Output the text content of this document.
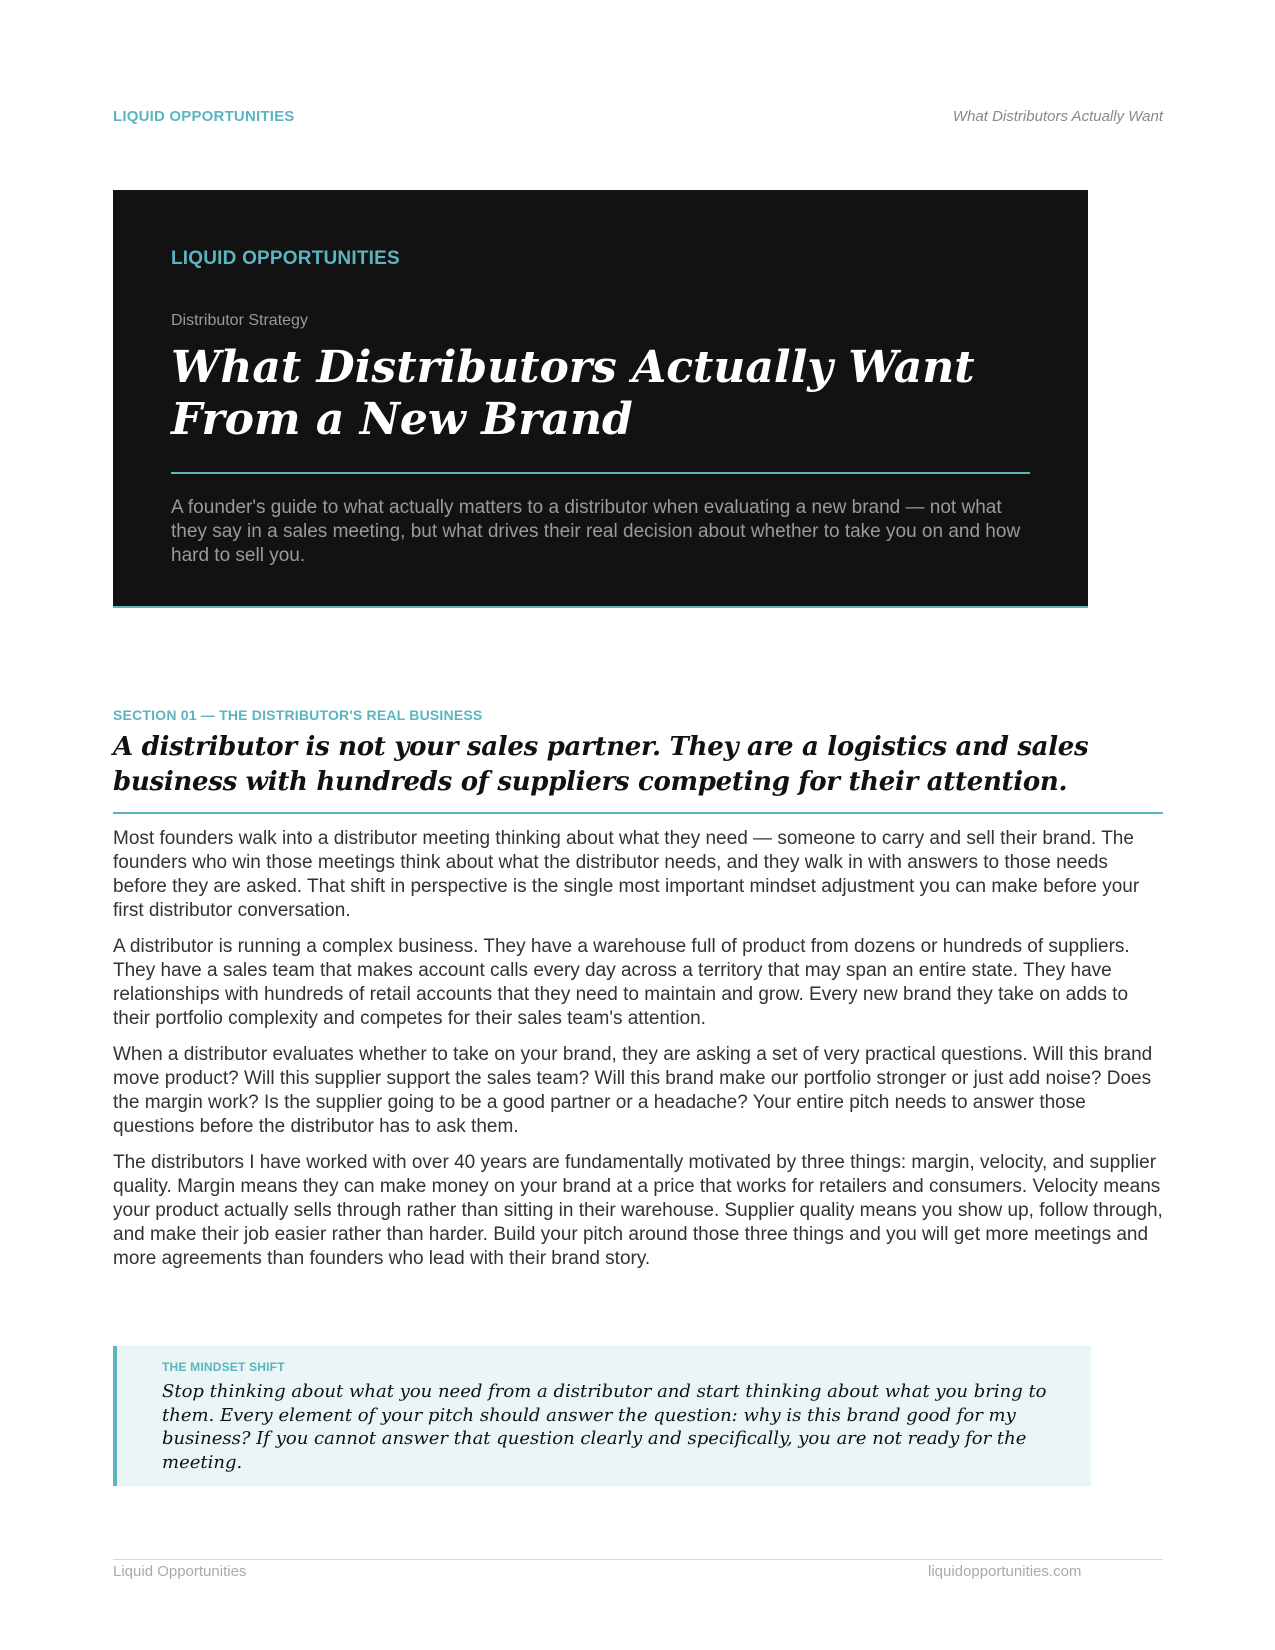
LIQUID OPPORTUNITIES	What Distributors Actually Want
LIQUID OPPORTUNITIES
Distributor Strategy
What Distributors Actually Want
From a New Brand
A founder's guide to what actually matters to a distributor when evaluating a new brand — not what they say in a sales meeting, but what drives their real decision about whether to take you on and how hard to sell you.
SECTION 01 — THE DISTRIBUTOR'S REAL BUSINESS
A distributor is not your sales partner. They are a logistics and sales business with hundreds of suppliers competing for their attention.

Most founders walk into a distributor meeting thinking about what they need — someone to carry and sell their brand. The founders who win those meetings think about what the distributor needs, and they walk in with answers to those needs before they are asked. That shift in perspective is the single most important mindset adjustment you can make before your first distributor conversation.

A distributor is running a complex business. They have a warehouse full of product from dozens or hundreds of suppliers. They have a sales team that makes account calls every day across a territory that may span an entire state. They have relationships with hundreds of retail accounts that they need to maintain and grow. Every new brand they take on adds to their portfolio complexity and competes for their sales team's attention.

When a distributor evaluates whether to take on your brand, they are asking a set of very practical questions. Will this brand move product? Will this supplier support the sales team? Will this brand make our portfolio stronger or just add noise? Does the margin work? Is the supplier going to be a good partner or a headache? Your entire pitch needs to answer those questions before the distributor has to ask them.

The distributors I have worked with over 40 years are fundamentally motivated by three things: margin, velocity, and supplier quality. Margin means they can make money on your brand at a price that works for retailers and consumers. Velocity means your product actually sells through rather than sitting in their warehouse. Supplier quality means you show up, follow through, and make their job easier rather than harder. Build your pitch around those three things and you will get more meetings and more agreements than founders who lead with their brand story.

THE MINDSET SHIFT

Stop thinking about what you need from a distributor and start thinking about what you bring to them. Every element of your pitch should answer the question: why is this brand good for my business? If you cannot answer that question clearly and specifically, you are not ready for the meeting.

Liquid Opportunities	liquidopportunities.com
